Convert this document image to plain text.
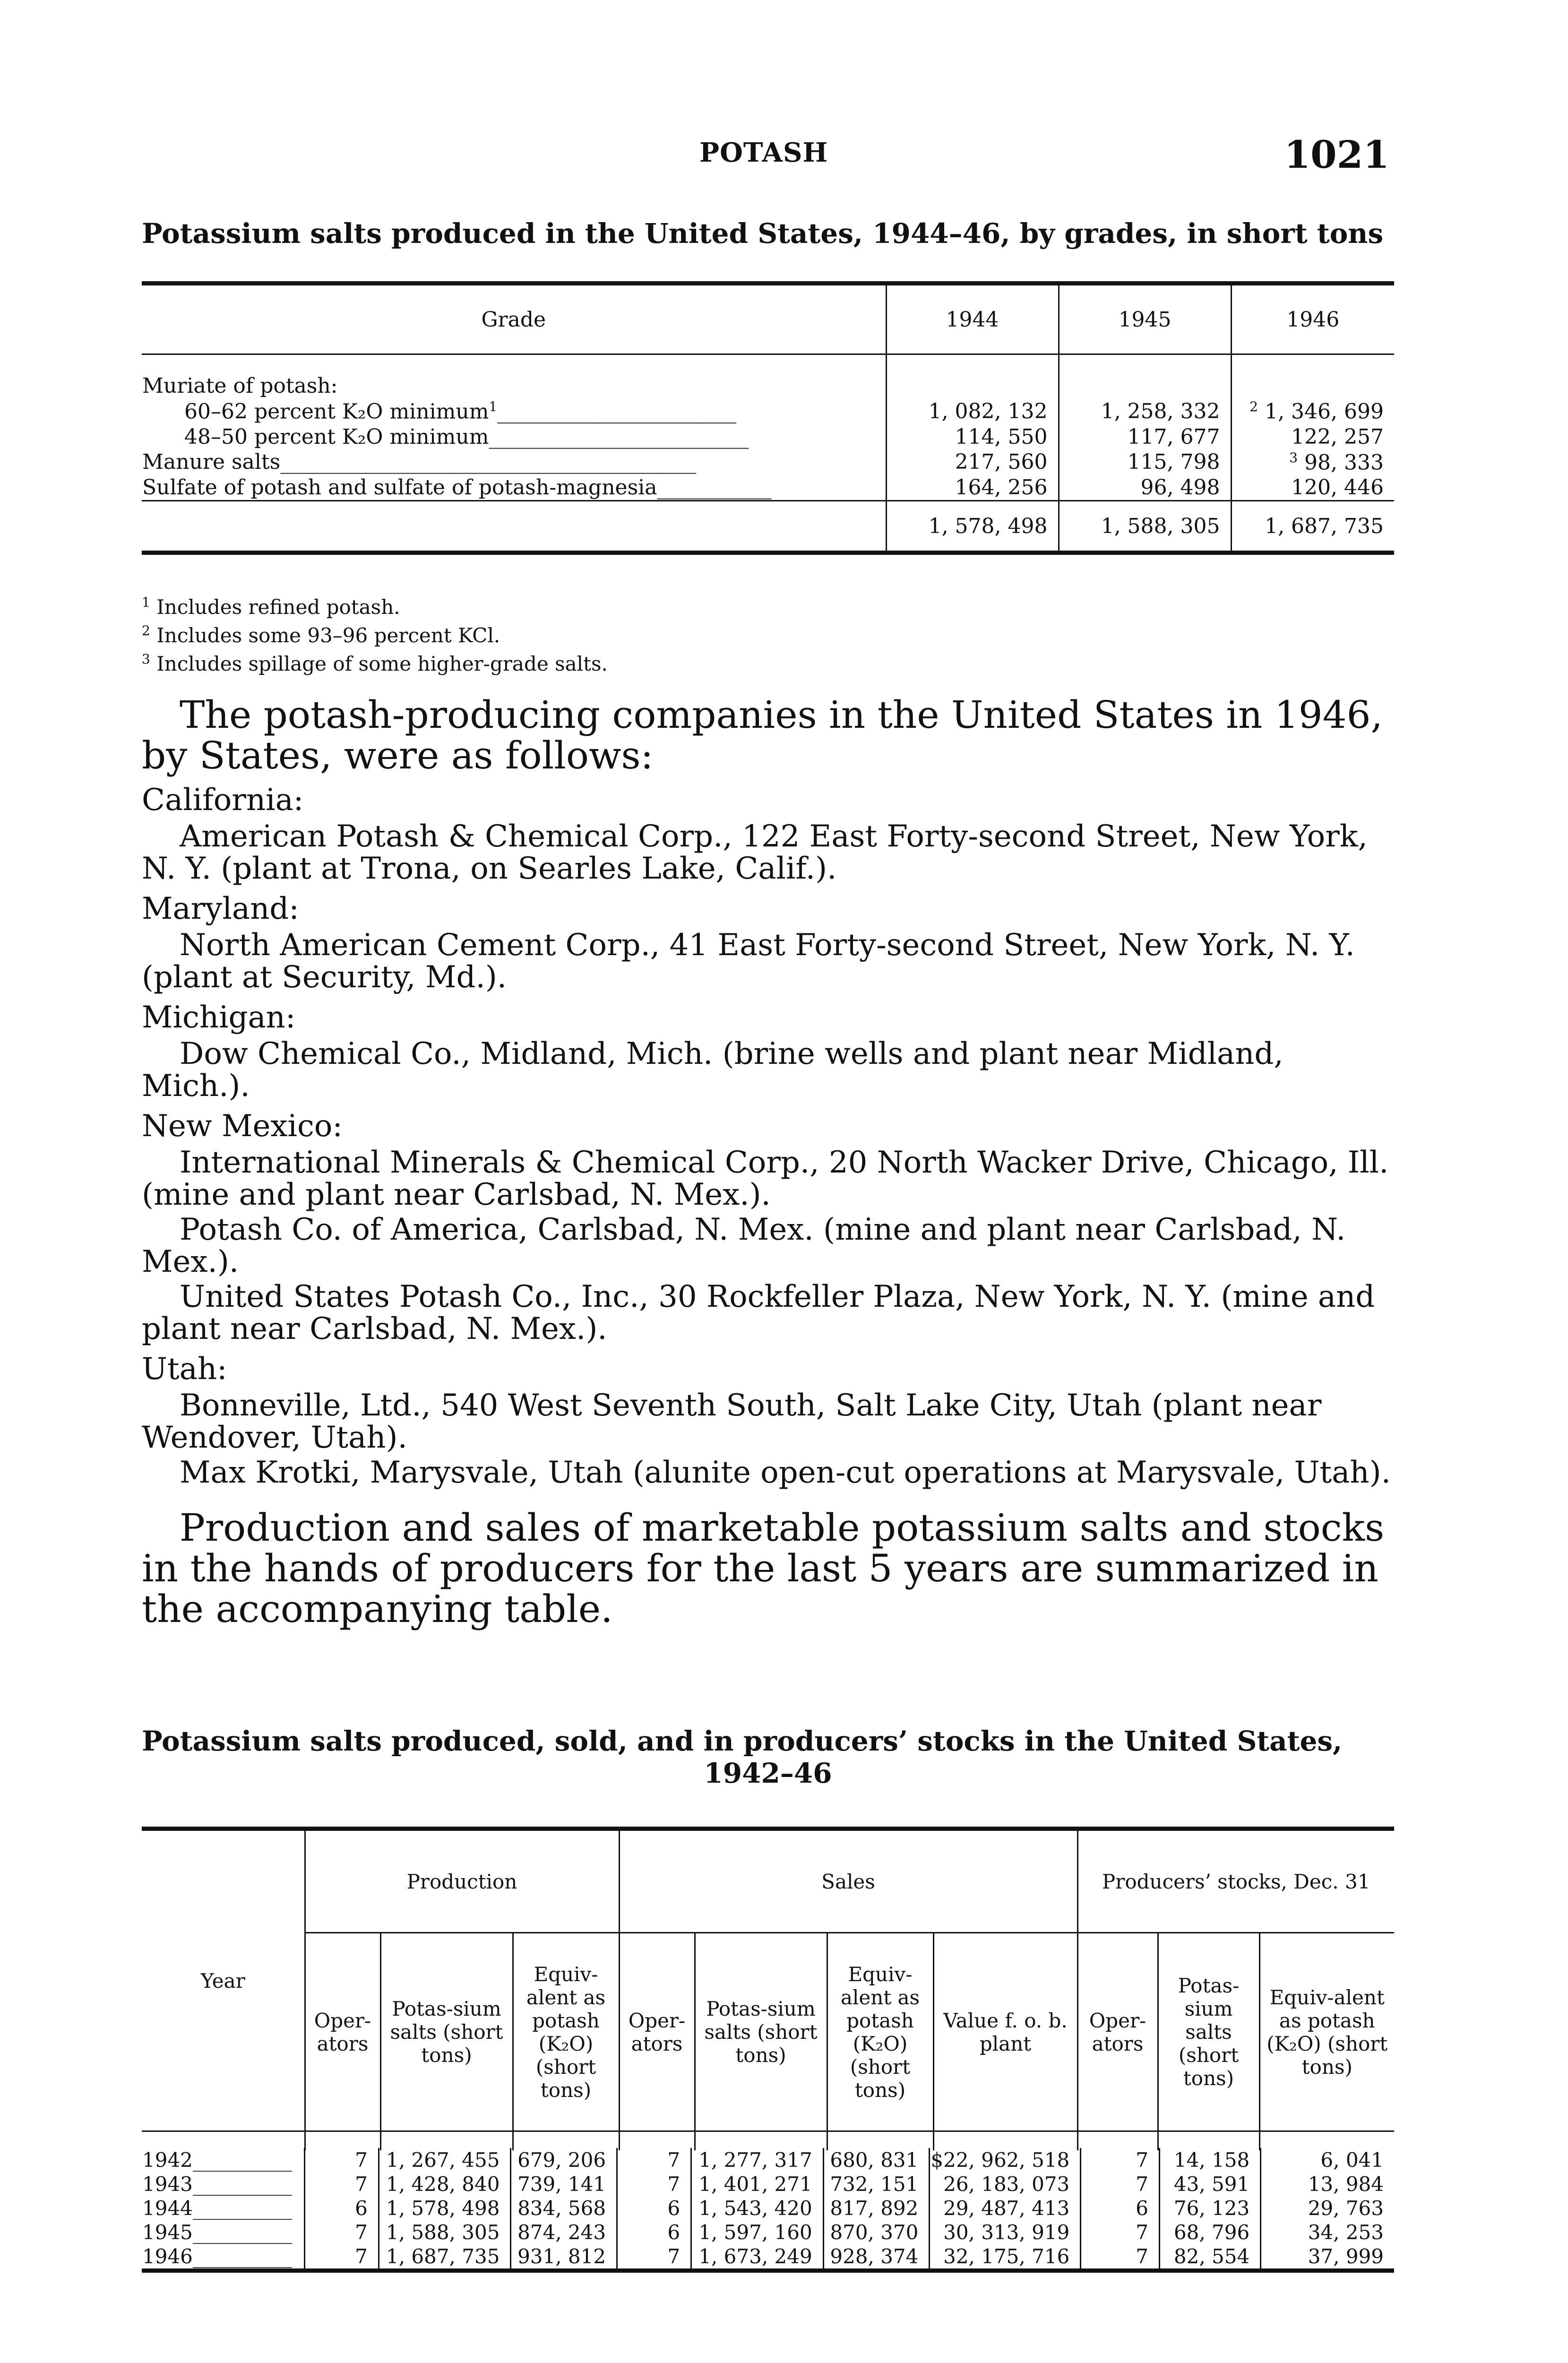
POTASH	1021
Potassium salts produced in the United States, 1944–46, by grades, in short tons
Grade	1944	1945	1946
Muriate of potash:			
60–62 percent K₂O minimum$^1$_______________________	1, 082, 132	1, 258, 332	$^2$ 1, 346, 699
48–50 percent K₂O minimum_________________________	114, 550	117, 677	122, 257
Manure salts________________________________________	217, 560	115, 798	$^3$ 98, 333
Sulfate of potash and sulfate of potash-magnesia___________	164, 256	96, 498	120, 446
	1, 578, 498	1, 588, 305	1, 687, 735
$^1$ Includes refined potash.
$^2$ Includes some 93–96 percent KCl.
$^3$ Includes spillage of some higher-grade salts.

The potash-producing companies in the United States in 1946, by States, were as follows:

California:

American Potash & Chemical Corp., 122 East Forty-second Street, New York, N. Y. (plant at Trona, on Searles Lake, Calif.).

Maryland:

North American Cement Corp., 41 East Forty-second Street, New York, N. Y. (plant at Security, Md.).

Michigan:

Dow Chemical Co., Midland, Mich. (brine wells and plant near Midland, Mich.).

New Mexico:

International Minerals & Chemical Corp., 20 North Wacker Drive, Chicago, Ill. (mine and plant near Carlsbad, N. Mex.).

Potash Co. of America, Carlsbad, N. Mex. (mine and plant near Carlsbad, N. Mex.).

United States Potash Co., Inc., 30 Rockfeller Plaza, New York, N. Y. (mine and plant near Carlsbad, N. Mex.).

Utah:

Bonneville, Ltd., 540 West Seventh South, Salt Lake City, Utah (plant near Wendover, Utah).

Max Krotki, Marysvale, Utah (alunite open-cut operations at Marysvale, Utah).

Production and sales of marketable potassium salts and stocks in the hands of producers for the last 5 years are summarized in the accompanying table.

Potassium salts produced, sold, and in producers’ stocks in the United States,
1942–46
Year	Production			Sales				Producers’ stocks, Dec. 31		
	Oper-ators	Potas-sium salts (short tons)	Equiv-alent as potash (K₂O) (short tons)	Oper-ators	Potas-sium salts (short tons)	Equiv-alent as potash (K₂O) (short tons)	Value f. o. b. plant	Oper-ators	Potas-sium salts (short tons)	Equiv-alent as potash (K₂O) (short tons)

1942__________	7	1, 267, 455	679, 206	7	1, 277, 317	680, 831	$22, 962, 518	7	14, 158	6, 041
1943__________	7	1, 428, 840	739, 141	7	1, 401, 271	732, 151	26, 183, 073	7	43, 591	13, 984
1944__________	6	1, 578, 498	834, 568	6	1, 543, 420	817, 892	29, 487, 413	6	76, 123	29, 763
1945__________	7	1, 588, 305	874, 243	6	1, 597, 160	870, 370	30, 313, 919	7	68, 796	34, 253
1946__________	7	1, 687, 735	931, 812	7	1, 673, 249	928, 374	32, 175, 716	7	82, 554	37, 999
